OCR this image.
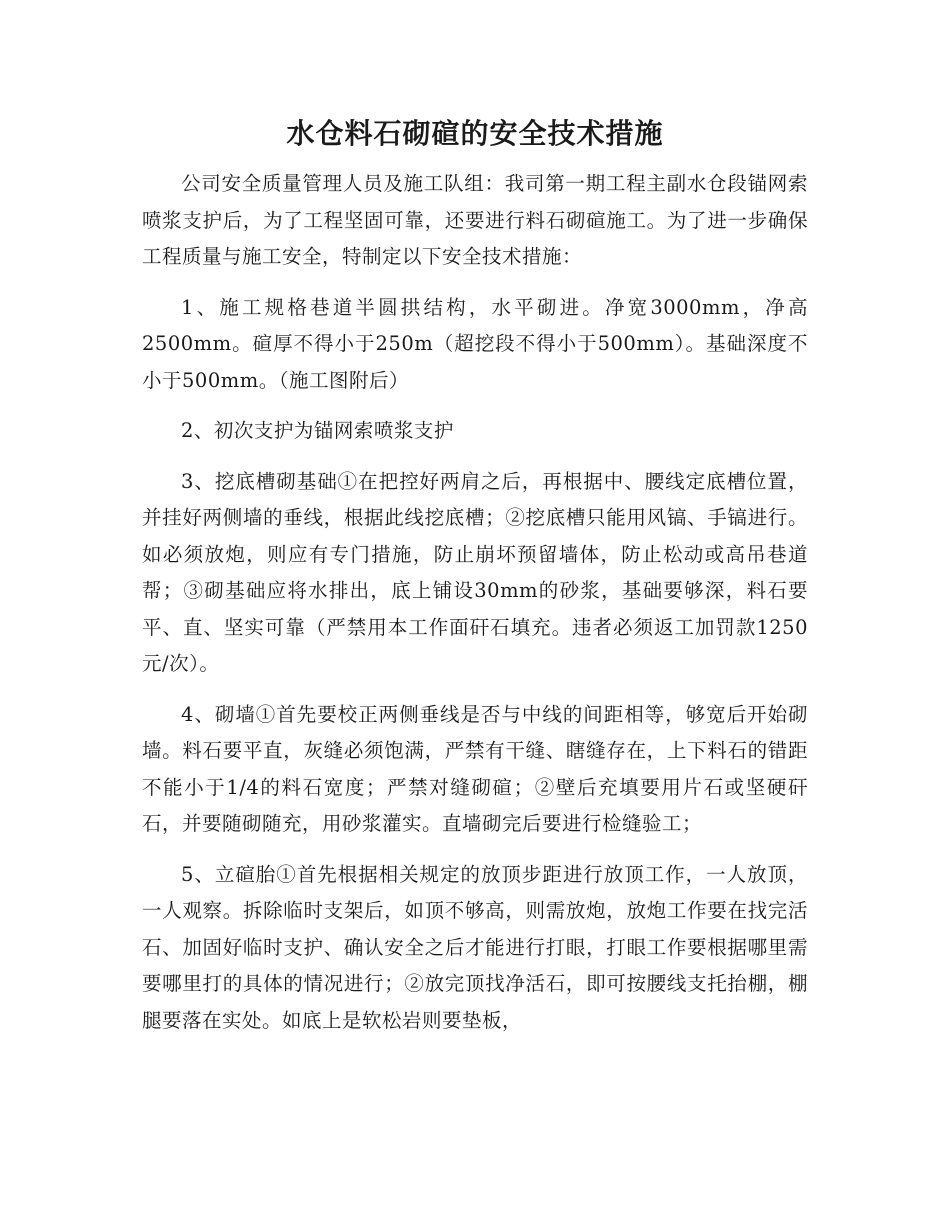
水仓料石砌碹的安全技术措施

公司安全质量管理人员及施工队组：我司第一期工程主副水仓段锚网索喷浆支护后，为了工程坚固可靠，还要进行料石砌碹施工。为了进一步确保工程质量与施工安全，特制定以下安全技术措施：

1、施工规格巷道半圆拱结构，水平砌进。净宽3000mm，净高2500mm。碹厚不得小于250m（超挖段不得小于500mm）。基础深度不小于500mm。（施工图附后）

2、初次支护为锚网索喷浆支护

3、挖底槽砌基础①在把控好两肩之后，再根据中、腰线定底槽位置，并挂好两侧墙的垂线，根据此线挖底槽；②挖底槽只能用风镐、手镐进行。如必须放炮，则应有专门措施，防止崩坏预留墙体，防止松动或高吊巷道帮；③砌基础应将水排出，底上铺设30mm的砂浆，基础要够深，料石要平、直、坚实可靠（严禁用本工作面矸石填充。违者必须返工加罚款1250元/次）。

4、砌墙①首先要校正两侧垂线是否与中线的间距相等，够宽后开始砌墙。料石要平直，灰缝必须饱满，严禁有干缝、瞎缝存在，上下料石的错距不能小于1/4的料石宽度；严禁对缝砌碹；②壁后充填要用片石或坚硬矸石，并要随砌随充，用砂浆灌实。直墙砌完后要进行检缝验工；

5、立碹胎①首先根据相关规定的放顶步距进行放顶工作，一人放顶，一人观察。拆除临时支架后，如顶不够高，则需放炮，放炮工作要在找完活石、加固好临时支护、确认安全之后才能进行打眼，打眼工作要根据哪里需要哪里打的具体的情况进行；②放完顶找净活石，即可按腰线支托抬棚，棚腿要落在实处。如底上是软松岩则要垫板，
